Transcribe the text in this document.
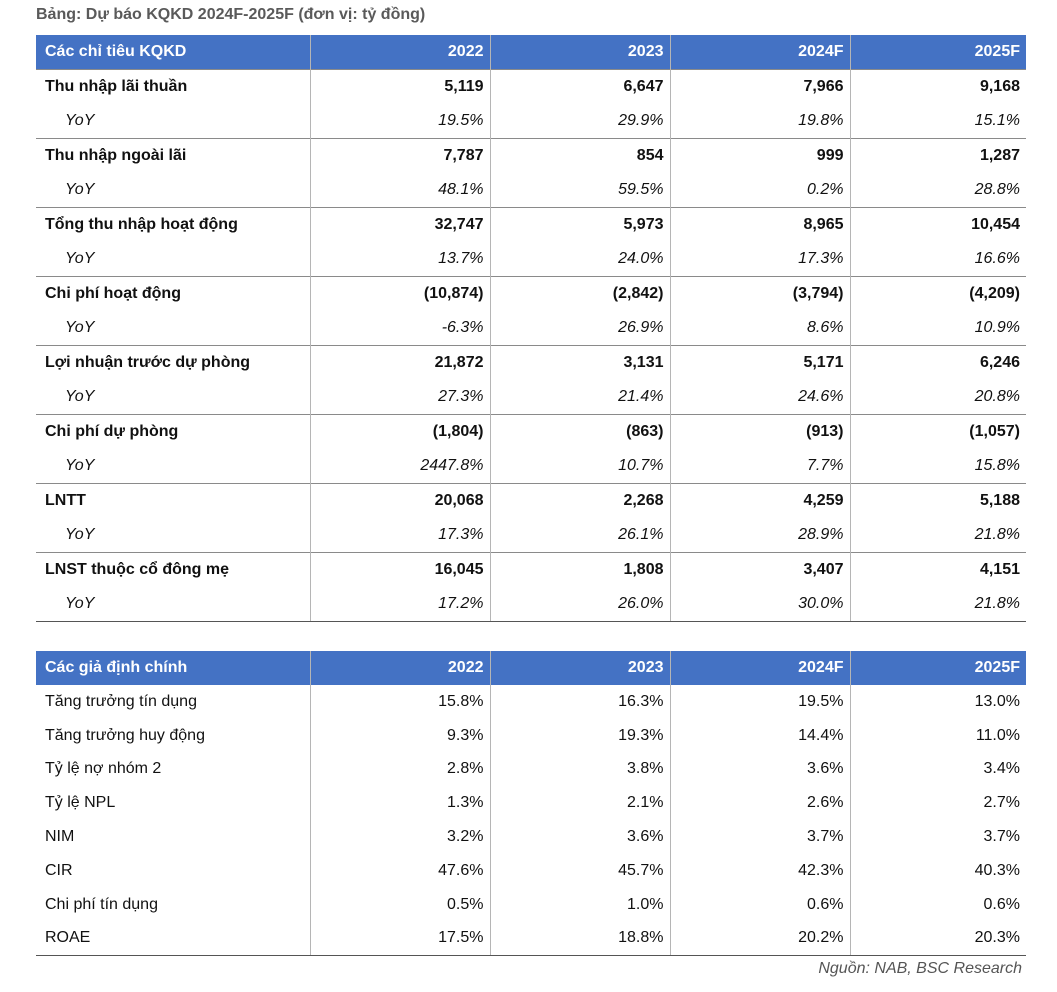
Bảng: Dự báo KQKD 2024F-2025F (đơn vị: tỷ đồng)
Các chỉ tiêu KQKD	2022	2023	2024F	2025F
Thu nhập lãi thuần	5,119	6,647	7,966	9,168
YoY	19.5%	29.9%	19.8%	15.1%
Thu nhập ngoài lãi	7,787	854	999	1,287
YoY	48.1%	59.5%	0.2%	28.8%
Tổng thu nhập hoạt động	32,747	5,973	8,965	10,454
YoY	13.7%	24.0%	17.3%	16.6%
Chi phí hoạt động	(10,874)	(2,842)	(3,794)	(4,209)
YoY	-6.3%	26.9%	8.6%	10.9%
Lợi nhuận trước dự phòng	21,872	3,131	5,171	6,246
YoY	27.3%	21.4%	24.6%	20.8%
Chi phí dự phòng	(1,804)	(863)	(913)	(1,057)
YoY	2447.8%	10.7%	7.7%	15.8%
LNTT	20,068	2,268	4,259	5,188
YoY	17.3%	26.1%	28.9%	21.8%
LNST thuộc cổ đông mẹ	16,045	1,808	3,407	4,151
YoY	17.2%	26.0%	30.0%	21.8%
Các giả định chính	2022	2023	2024F	2025F
Tăng trưởng tín dụng	15.8%	16.3%	19.5%	13.0%
Tăng trưởng huy động	9.3%	19.3%	14.4%	11.0%
Tỷ lệ nợ nhóm 2	2.8%	3.8%	3.6%	3.4%
Tỷ lệ NPL	1.3%	2.1%	2.6%	2.7%
NIM	3.2%	3.6%	3.7%	3.7%
CIR	47.6%	45.7%	42.3%	40.3%
Chi phí tín dụng	0.5%	1.0%	0.6%	0.6%
ROAE	17.5%	18.8%	20.2%	20.3%
Nguồn: NAB, BSC Research
